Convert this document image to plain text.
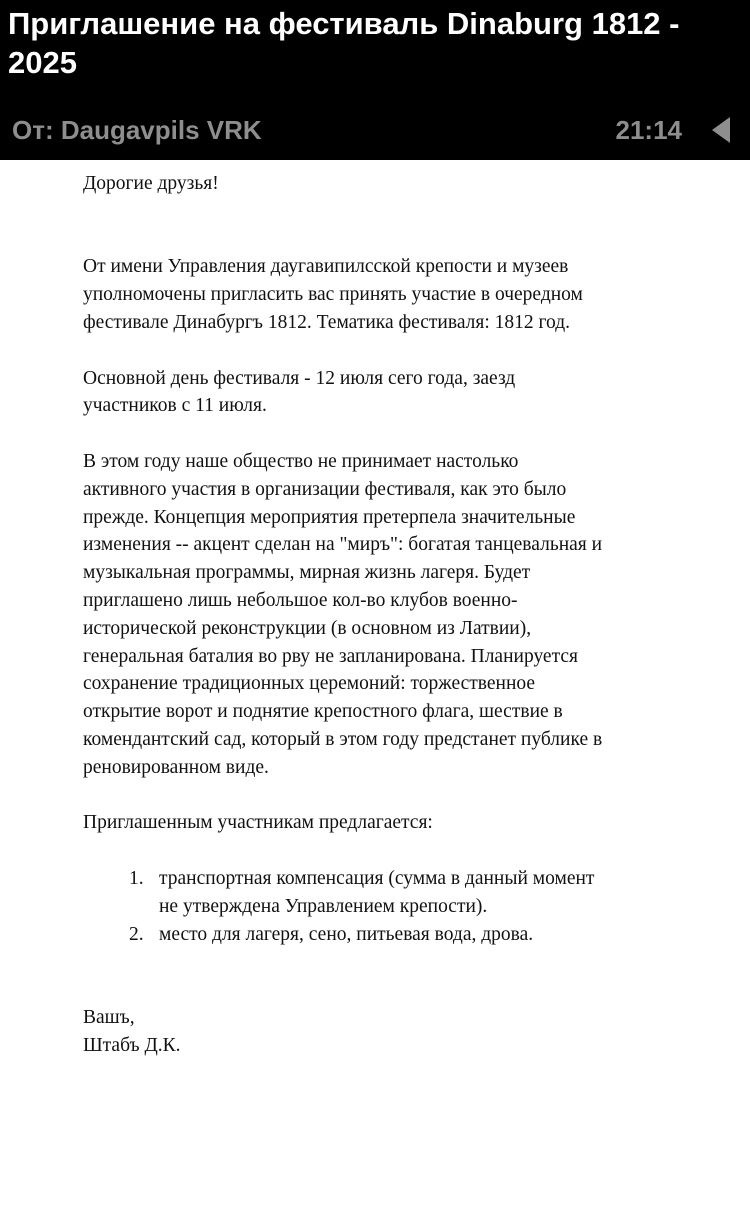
Приглашение на фестиваль Dinaburg 1812 - 2025
От: Daugavpils VRK	21:14

Дорогие друзья!

От имени Управления даугавипилсской крепости и музеев уполномочены пригласить вас принять участие в очередном фестивале Динабургъ 1812. Тематика фестиваля: 1812 год.

Основной день фестиваля - 12 июля сего года, заезд участников с 11 июля.

В этом году наше общество не принимает настолько активного участия в организации фестиваля, как это было прежде. Концепция мероприятия претерпела значительные изменения -- акцент сделан на "миръ": богатая танцевальная и музыкальная программы, мирная жизнь лагеря. Будет приглашено лишь небольшое кол-во клубов военно-исторической реконструкции (в основном из Латвии), генеральная баталия во рву не запланирована. Планируется сохранение традиционных церемоний: торжественное открытие ворот и поднятие крепостного флага, шествие в комендантский сад, который в этом году предстанет публике в реновированном виде.

Приглашенным участникам предлагается:

1. транспортная компенсация (сумма в данный момент не утверждена Управлением крепости).
2. место для лагеря, сено, питьевая вода, дрова.

Вашъ,

Штабъ Д.К.
